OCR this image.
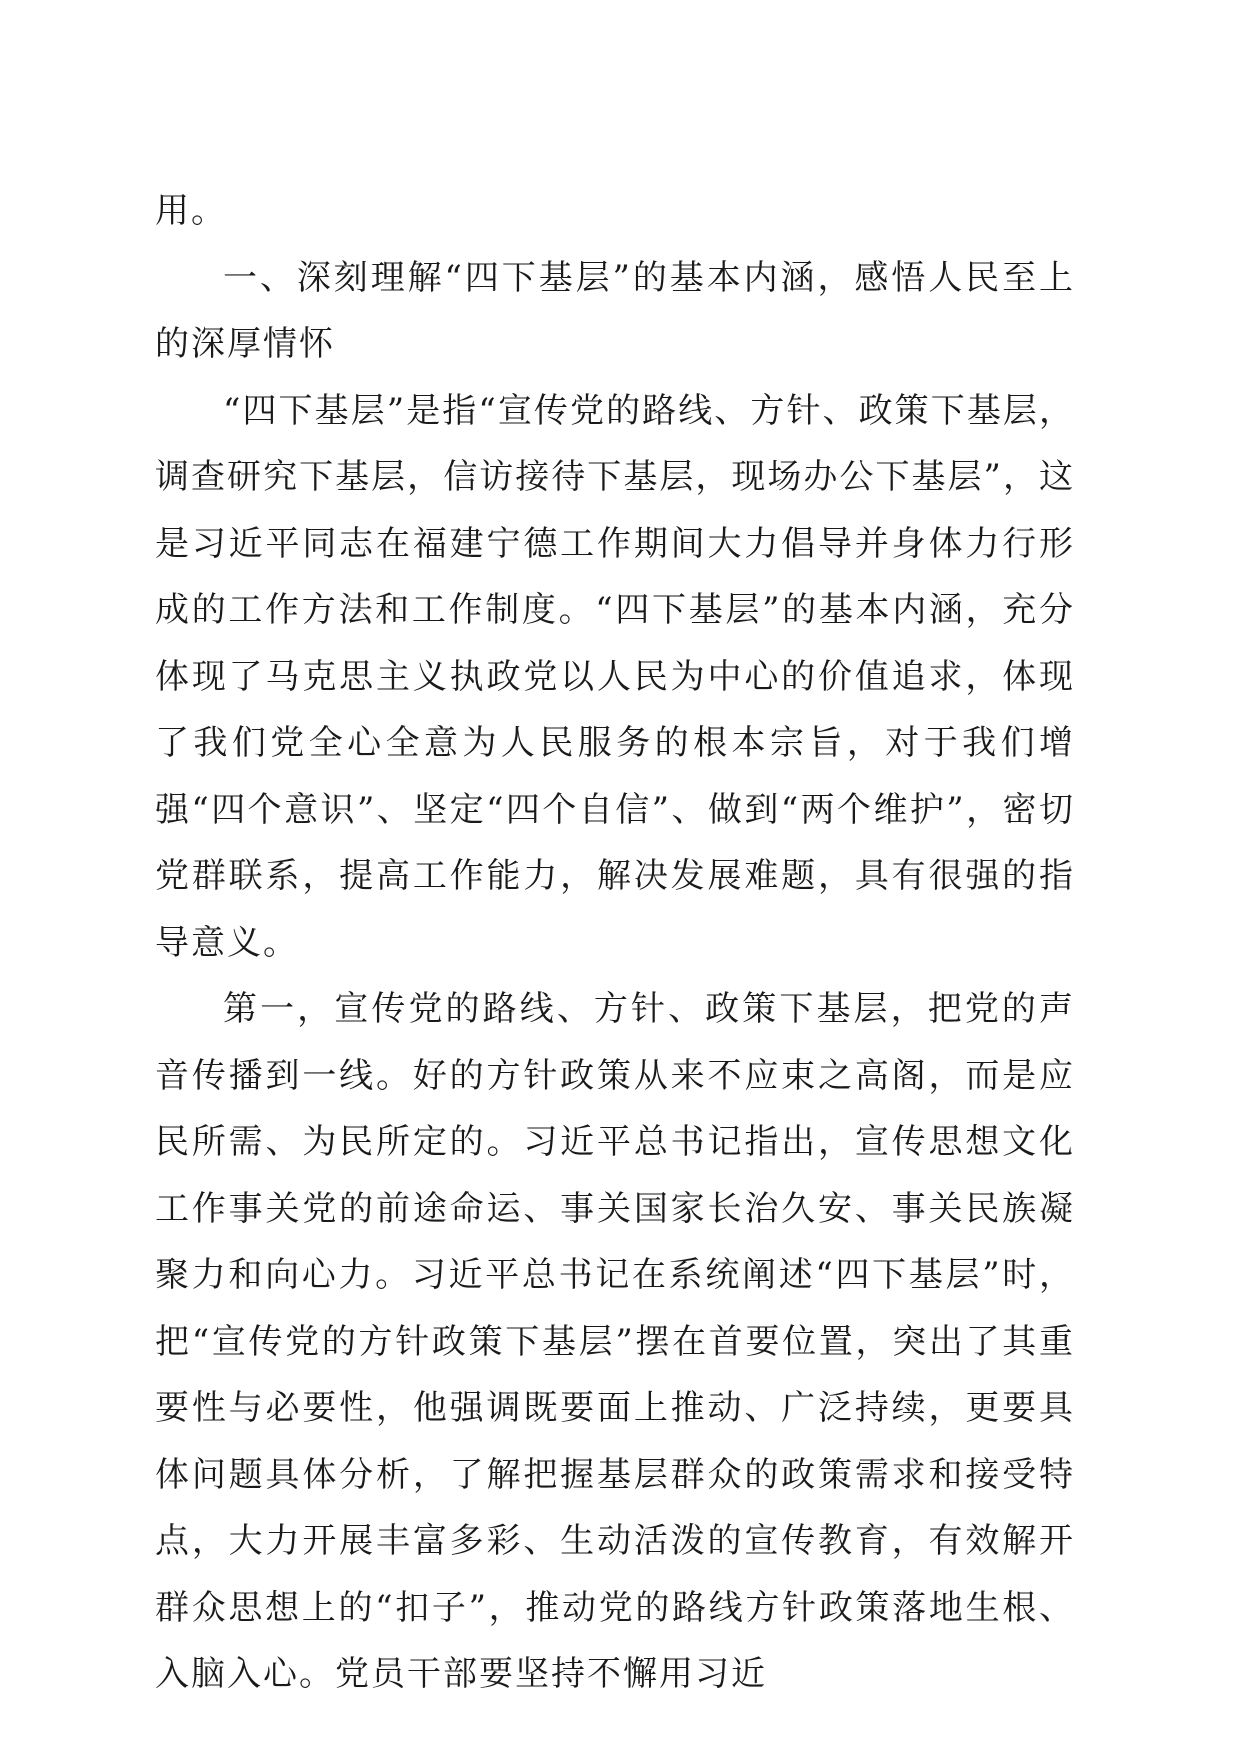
用。

一、深刻理解“四下基层”的基本内涵，感悟人民至上的深厚情怀

“四下基层”是指“宣传党的路线、方针、政策下基层，调查研究下基层，信访接待下基层，现场办公下基层”，这是习近平同志在福建宁德工作期间大力倡导并身体力行形成的工作方法和工作制度。“四下基层”的基本内涵，充分体现了马克思主义执政党以人民为中心的价值追求，体现了我们党全心全意为人民服务的根本宗旨，对于我们增强“四个意识”、坚定“四个自信”、做到“两个维护”，密切党群联系，提高工作能力，解决发展难题，具有很强的指导意义。

第一，宣传党的路线、方针、政策下基层，把党的声音传播到一线。好的方针政策从来不应束之高阁，而是应民所需、为民所定的。习近平总书记指出，宣传思想文化工作事关党的前途命运、事关国家长治久安、事关民族凝聚力和向心力。习近平总书记在系统阐述“四下基层”时，把“宣传党的方针政策下基层”摆在首要位置，突出了其重要性与必要性，他强调既要面上推动、广泛持续，更要具体问题具体分析，了解把握基层群众的政策需求和接受特点，大力开展丰富多彩、生动活泼的宣传教育，有效解开群众思想上的“扣子”，推动党的路线方针政策落地生根、入脑入心。党员干部要坚持不懈用习近
